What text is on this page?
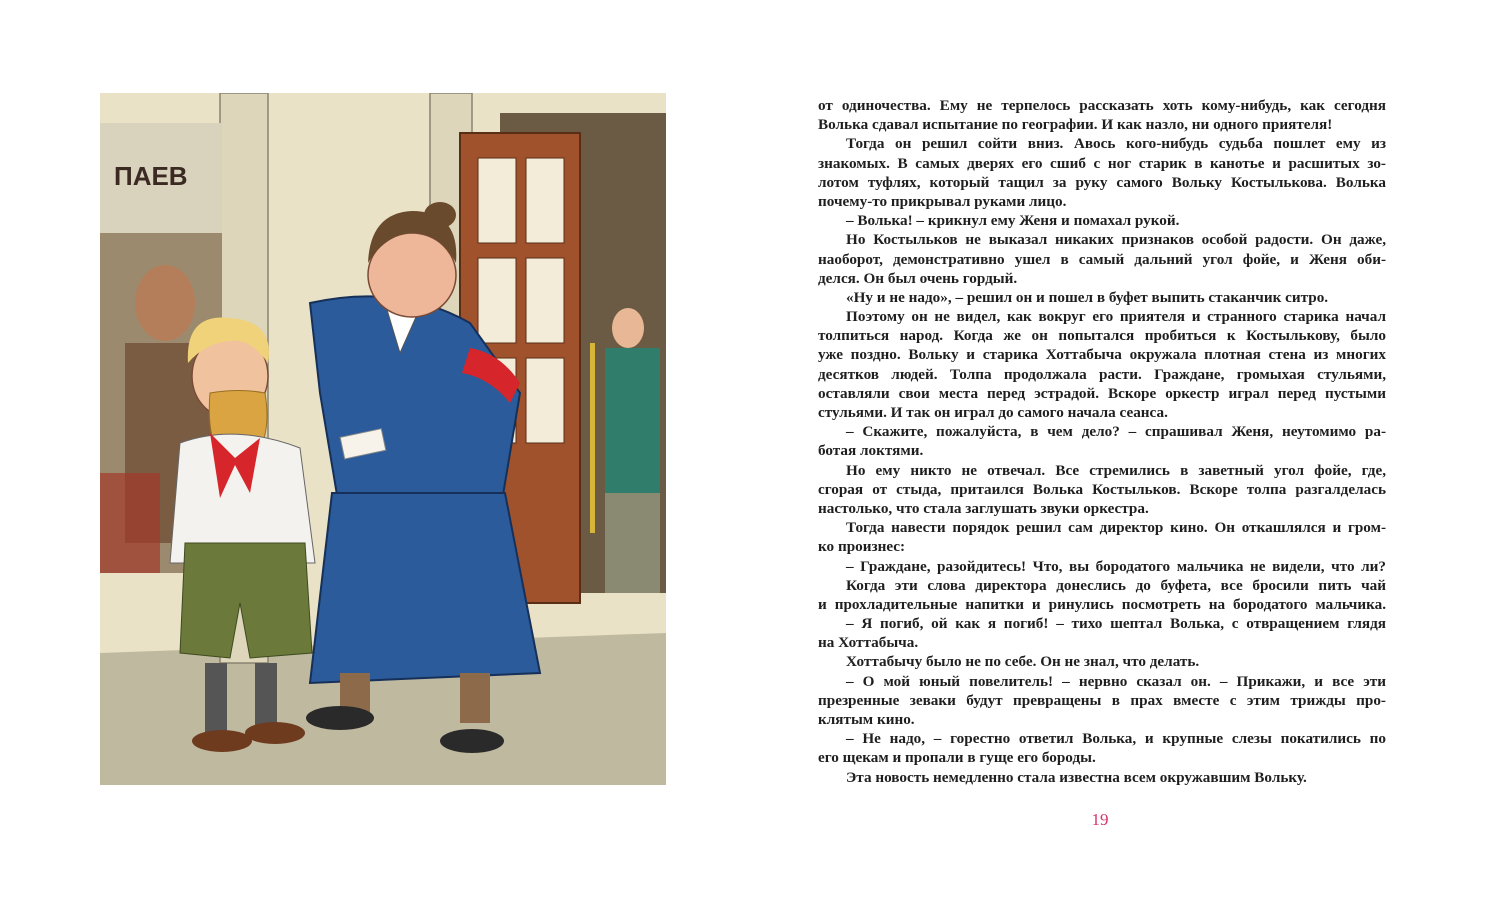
ПАЕВ
от одиночества. Ему не терпелось рассказать хоть кому-нибудь, как сегодня
Волька сдавал испытание по географии. И как назло, ни одного приятеля!
Тогда он решил сойти вниз. Авось кого-нибудь судьба пошлет ему из
знакомых. В самых дверях его сшиб с ног старик в канотье и расшитых зо-
лотом туфлях, который тащил за руку самого Вольку Костылькова. Волька
почему-то прикрывал руками лицо.
– Волька! – крикнул ему Женя и помахал рукой.
Но Костыльков не выказал никаких признаков особой радости. Он даже,
наоборот, демонстративно ушел в самый дальний угол фойе, и Женя оби-
делся. Он был очень гордый.
«Ну и не надо», – решил он и пошел в буфет выпить стаканчик ситро.
Поэтому он не видел, как вокруг его приятеля и странного старика начал
толпиться народ. Когда же он попытался пробиться к Костылькову, было
уже поздно. Вольку и старика Хоттабыча окружала плотная стена из многих
десятков людей. Толпа продолжала расти. Граждане, громыхая стульями,
оставляли свои места перед эстрадой. Вскоре оркестр играл перед пустыми
стульями. И так он играл до самого начала сеанса.
– Скажите, пожалуйста, в чем дело? – спрашивал Женя, неутомимо ра-
ботая локтями.
Но ему никто не отвечал. Все стремились в заветный угол фойе, где,
сгорая от стыда, притаился Волька Костыльков. Вскоре толпа разгалделась
настолько, что стала заглушать звуки оркестра.
Тогда навести порядок решил сам директор кино. Он откашлялся и гром-
ко произнес:
– Граждане, разойдитесь! Что, вы бородатого мальчика не видели, что ли?
Когда эти слова директора донеслись до буфета, все бросили пить чай
и прохладительные напитки и ринулись посмотреть на бородатого мальчика.
– Я погиб, ой как я погиб! – тихо шептал Волька, с отвращением глядя
на Хоттабыча.
Хоттабычу было не по себе. Он не знал, что делать.
– О мой юный повелитель! – нервно сказал он. – Прикажи, и все эти
презренные зеваки будут превращены в прах вместе с этим трижды про-
клятым кино.
– Не надо, – горестно ответил Волька, и крупные слезы покатились по
его щекам и пропали в гуще его бороды.
Эта новость немедленно стала известна всем окружавшим Вольку.
19
